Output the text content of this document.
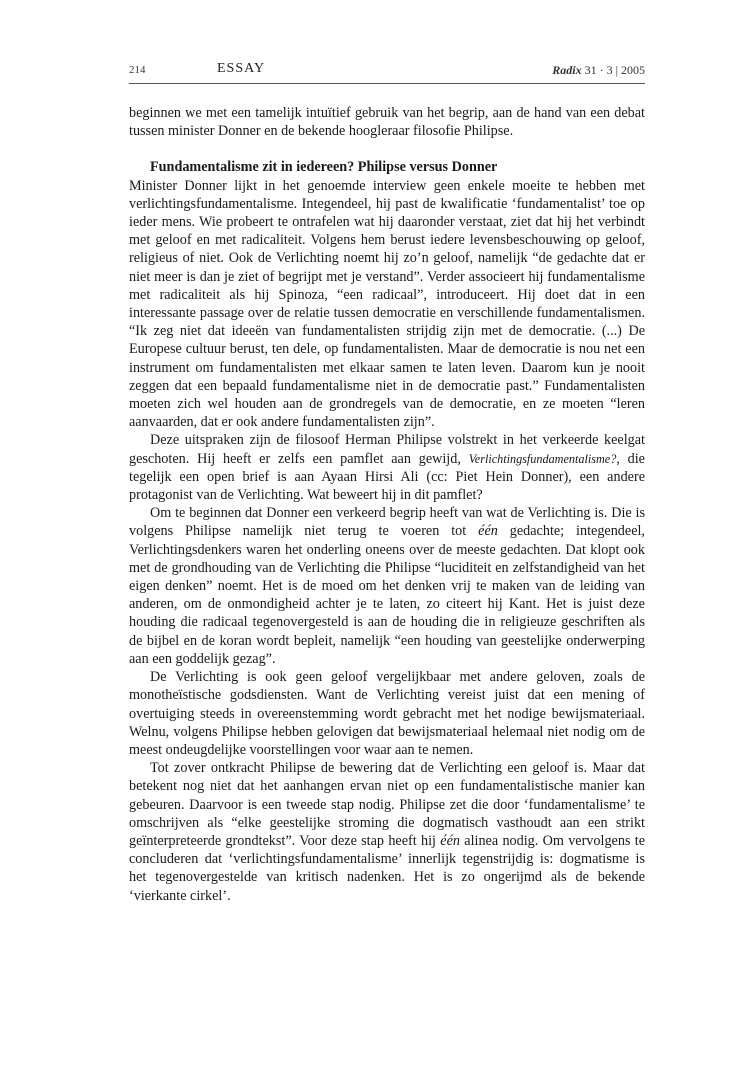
214	ESSAY	Radix 31 · 3 | 2005

beginnen we met een tamelijk intuïtief gebruik van het begrip, aan de hand van een debat tussen minister Donner en de bekende hoogleraar filosofie Philipse.

Fundamentalisme zit in iedereen? Philipse versus Donner

Minister Donner lijkt in het genoemde interview geen enkele moeite te hebben met verlichtingsfundamentalisme. Integendeel, hij past de kwalificatie ‘fundamentalist’ toe op ieder mens. Wie probeert te ontrafelen wat hij daaronder verstaat, ziet dat hij het verbindt met geloof en met radicaliteit. Volgens hem berust iedere levensbeschouwing op geloof, religieus of niet. Ook de Verlichting noemt hij zo’n geloof, namelijk “de gedachte dat er niet meer is dan je ziet of begrijpt met je verstand”. Verder associeert hij fundamentalisme met radicaliteit als hij Spinoza, “een radicaal”, introduceert. Hij doet dat in een interessante passage over de relatie tussen democratie en verschillende fundamentalismen. “Ik zeg niet dat ideeën van fundamentalisten strijdig zijn met de democratie. (...) De Europese cultuur berust, ten dele, op fundamentalisten. Maar de democratie is nou net een instrument om fundamentalisten met elkaar samen te laten leven. Daarom kun je nooit zeggen dat een bepaald fundamentalisme niet in de democratie past.” Fundamentalisten moeten zich wel houden aan de grondregels van de democratie, en ze moeten “leren aanvaarden, dat er ook andere fundamentalisten zijn”.

Deze uitspraken zijn de filosoof Herman Philipse volstrekt in het verkeerde keelgat geschoten. Hij heeft er zelfs een pamflet aan gewijd, Verlichtingsfundamentalisme?, die tegelijk een open brief is aan Ayaan Hirsi Ali (cc: Piet Hein Donner), een andere protagonist van de Verlichting. Wat beweert hij in dit pamflet?

Om te beginnen dat Donner een verkeerd begrip heeft van wat de Verlichting is. Die is volgens Philipse namelijk niet terug te voeren tot één gedachte; integendeel, Verlichtingsdenkers waren het onderling oneens over de meeste gedachten. Dat klopt ook met de grondhouding van de Verlichting die Philipse “luciditeit en zelfstandigheid van het eigen denken” noemt. Het is de moed om het denken vrij te maken van de leiding van anderen, om de onmondigheid achter je te laten, zo citeert hij Kant. Het is juist deze houding die radicaal tegenovergesteld is aan de houding die in religieuze geschriften als de bijbel en de koran wordt bepleit, namelijk “een houding van geestelijke onderwerping aan een goddelijk gezag”.

De Verlichting is ook geen geloof vergelijkbaar met andere geloven, zoals de monotheïstische godsdiensten. Want de Verlichting vereist juist dat een mening of overtuiging steeds in overeenstemming wordt gebracht met het nodige bewijsmateriaal. Welnu, volgens Philipse hebben gelovigen dat bewijsmateriaal helemaal niet nodig om de meest ondeugdelijke voorstellingen voor waar aan te nemen.

Tot zover ontkracht Philipse de bewering dat de Verlichting een geloof is. Maar dat betekent nog niet dat het aanhangen ervan niet op een fundamentalistische manier kan gebeuren. Daarvoor is een tweede stap nodig. Philipse zet die door ‘fundamentalisme’ te omschrijven als “elke geestelijke stroming die dogmatisch vasthoudt aan een strikt geïnterpreteerde grondtekst”. Voor deze stap heeft hij één alinea nodig. Om vervolgens te concluderen dat ‘verlichtingsfundamentalisme’ innerlijk tegenstrijdig is: dogmatisme is het tegenovergestelde van kritisch nadenken. Het is zo ongerijmd als de bekende ‘vierkante cirkel’.
